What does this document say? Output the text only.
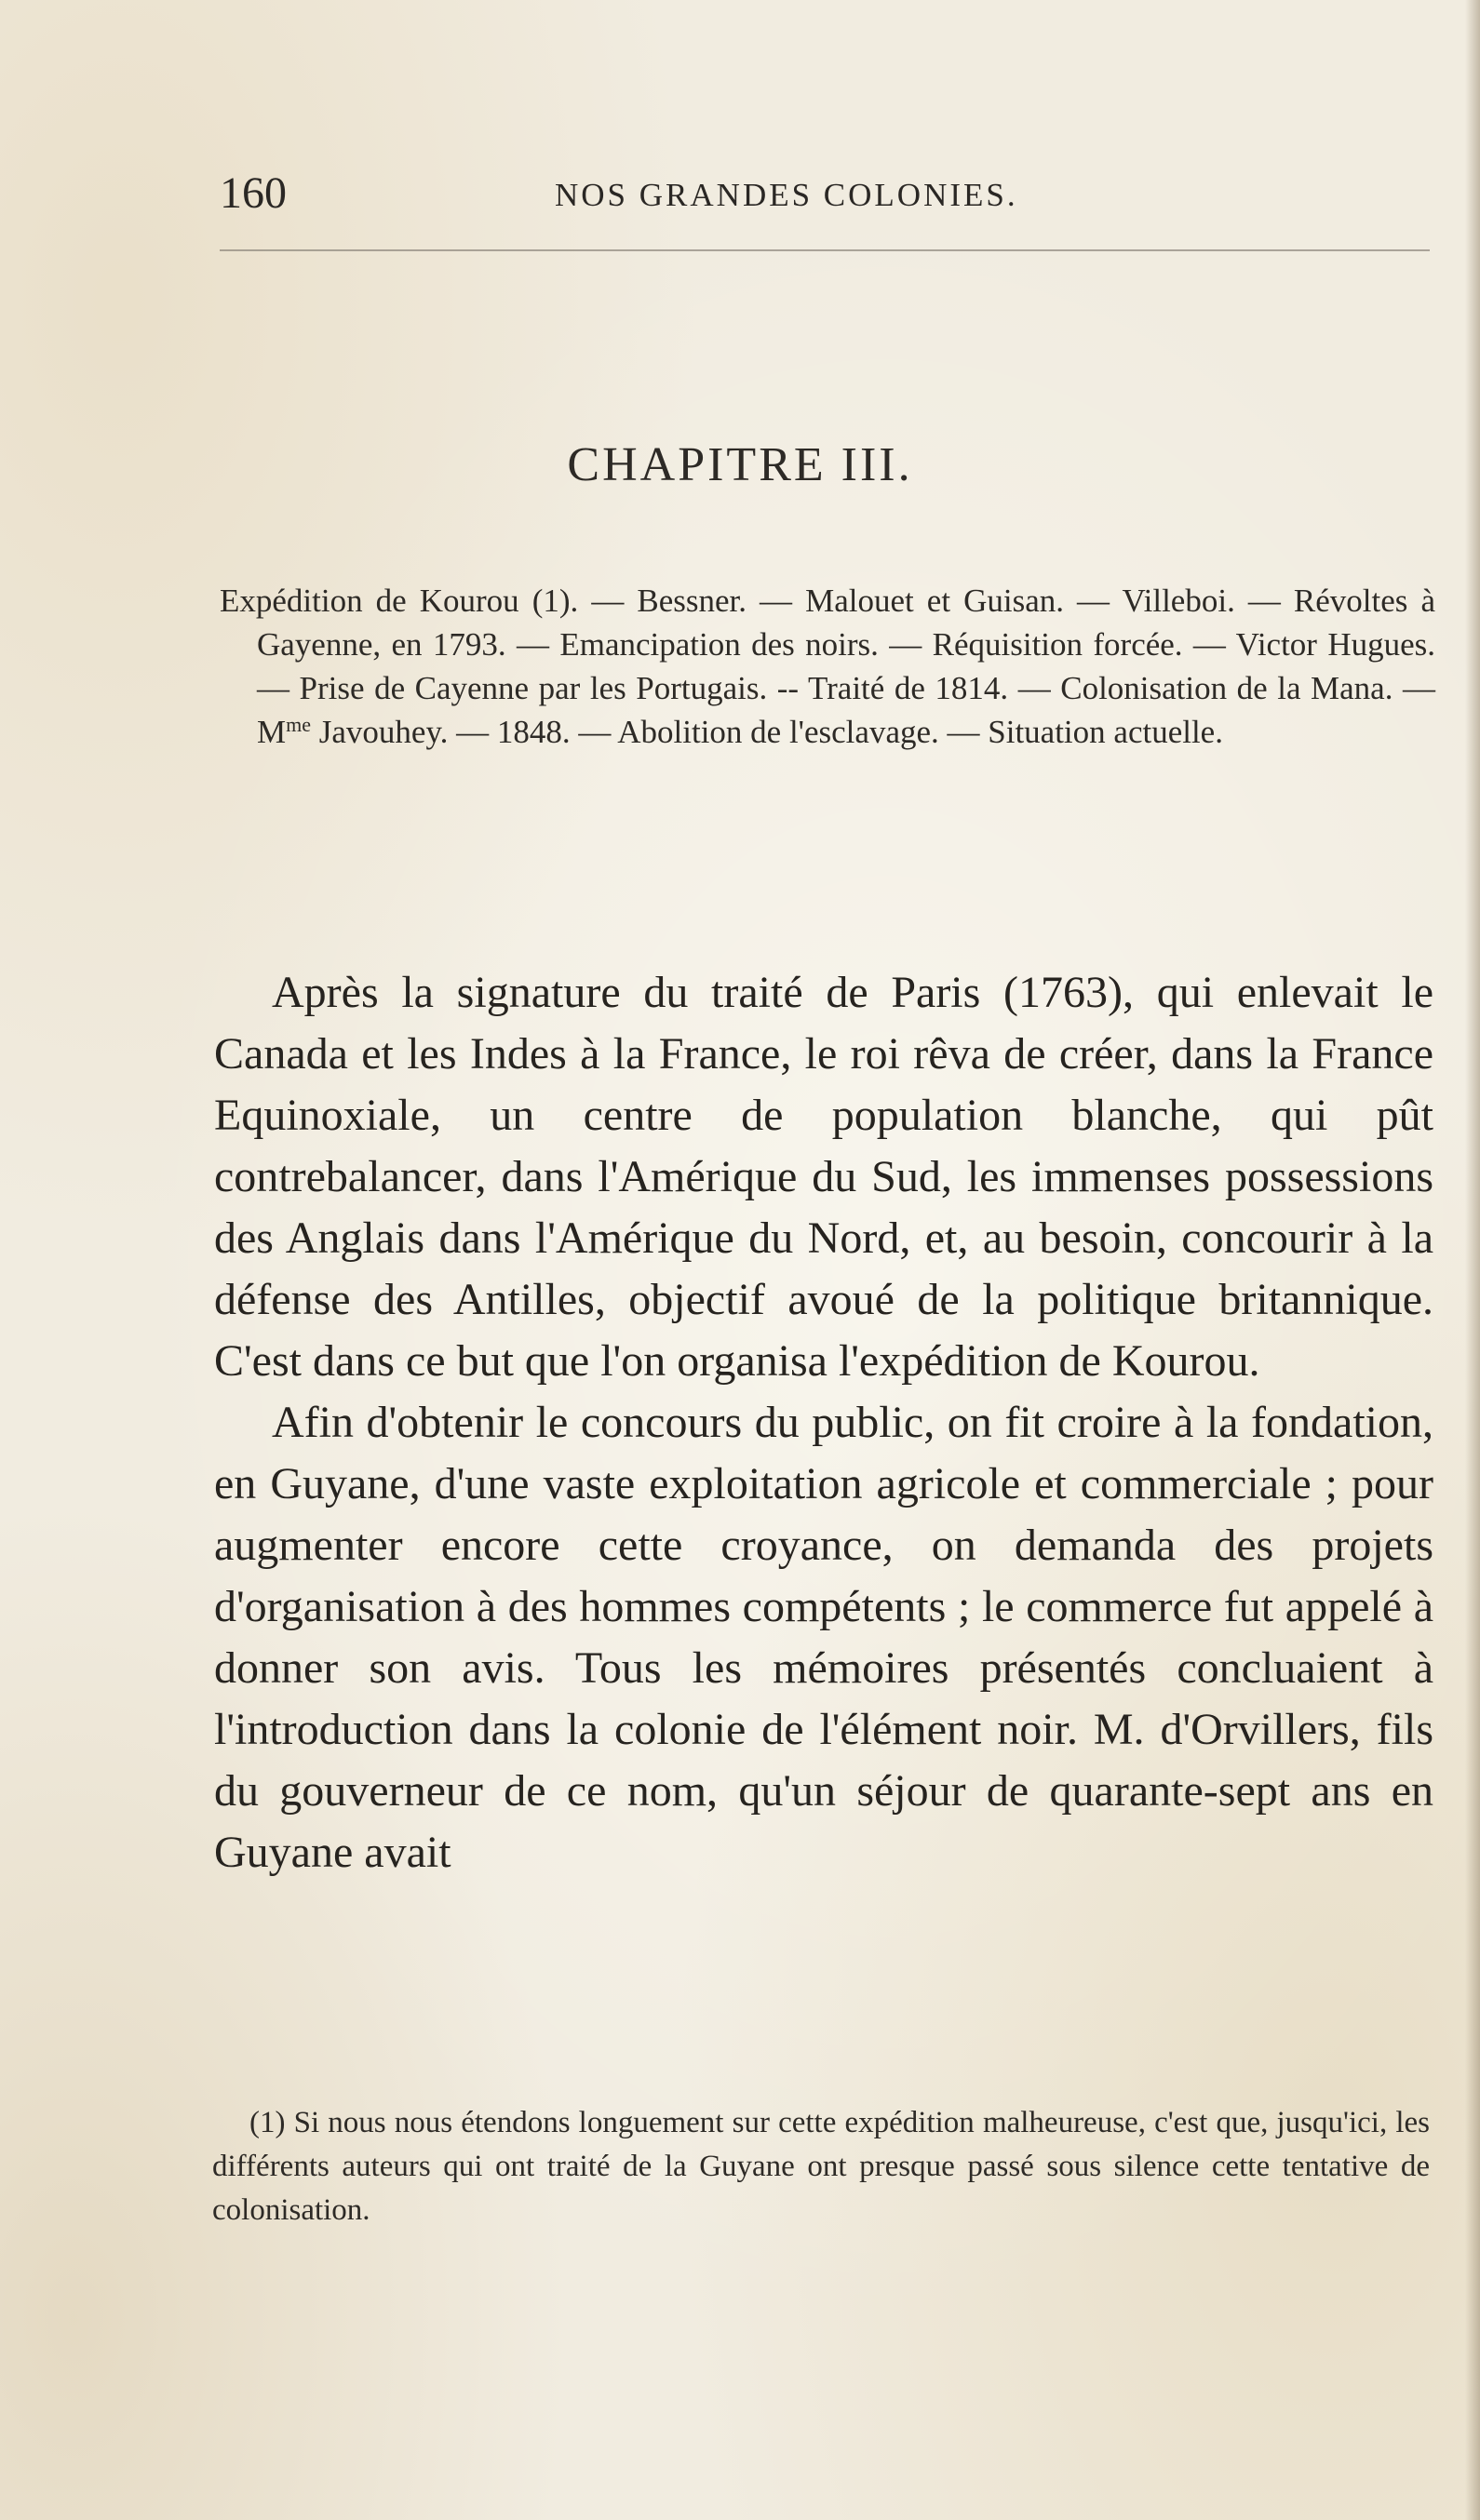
160	NOS GRANDES COLONIES.
CHAPITRE III.

Expédition de Kourou (1). — Bessner. — Malouet et Guisan. — Villeboi. — Révoltes à Gayenne, en 1793. — Emancipation des noirs. — Réquisition forcée. — Victor Hugues. — Prise de Cayenne par les Portugais. -- Traité de 1814. — Colonisation de la Mana. — $M^{me}$ Javouhey. — 1848. — Abolition de l'esclavage. — Situation actuelle.

Après la signature du traité de Paris (1763), qui enlevait le Canada et les Indes à la France, le roi rêva de créer, dans la France Equinoxiale, un centre de population blanche, qui pût contrebalancer, dans l'Amérique du Sud, les immenses possessions des Anglais dans l'Amérique du Nord, et, au besoin, concourir à la défense des Antilles, objectif avoué de la politique britannique. C'est dans ce but que l'on organisa l'expédition de Kourou.

Afin d'obtenir le concours du public, on fit croire à la fondation, en Guyane, d'une vaste exploitation agricole et commerciale ; pour augmenter encore cette croyance, on demanda des projets d'organisation à des hommes compétents ; le commerce fut appelé à donner son avis. Tous les mémoires présentés concluaient à l'introduction dans la colonie de l'élément noir. M. d'Orvillers, fils du gouverneur de ce nom, qu'un séjour de quarante-sept ans en Guyane avait

(1) Si nous nous étendons longuement sur cette expédition malheureuse, c'est que, jusqu'ici, les différents auteurs qui ont traité de la Guyane ont presque passé sous silence cette tentative de colonisation.
